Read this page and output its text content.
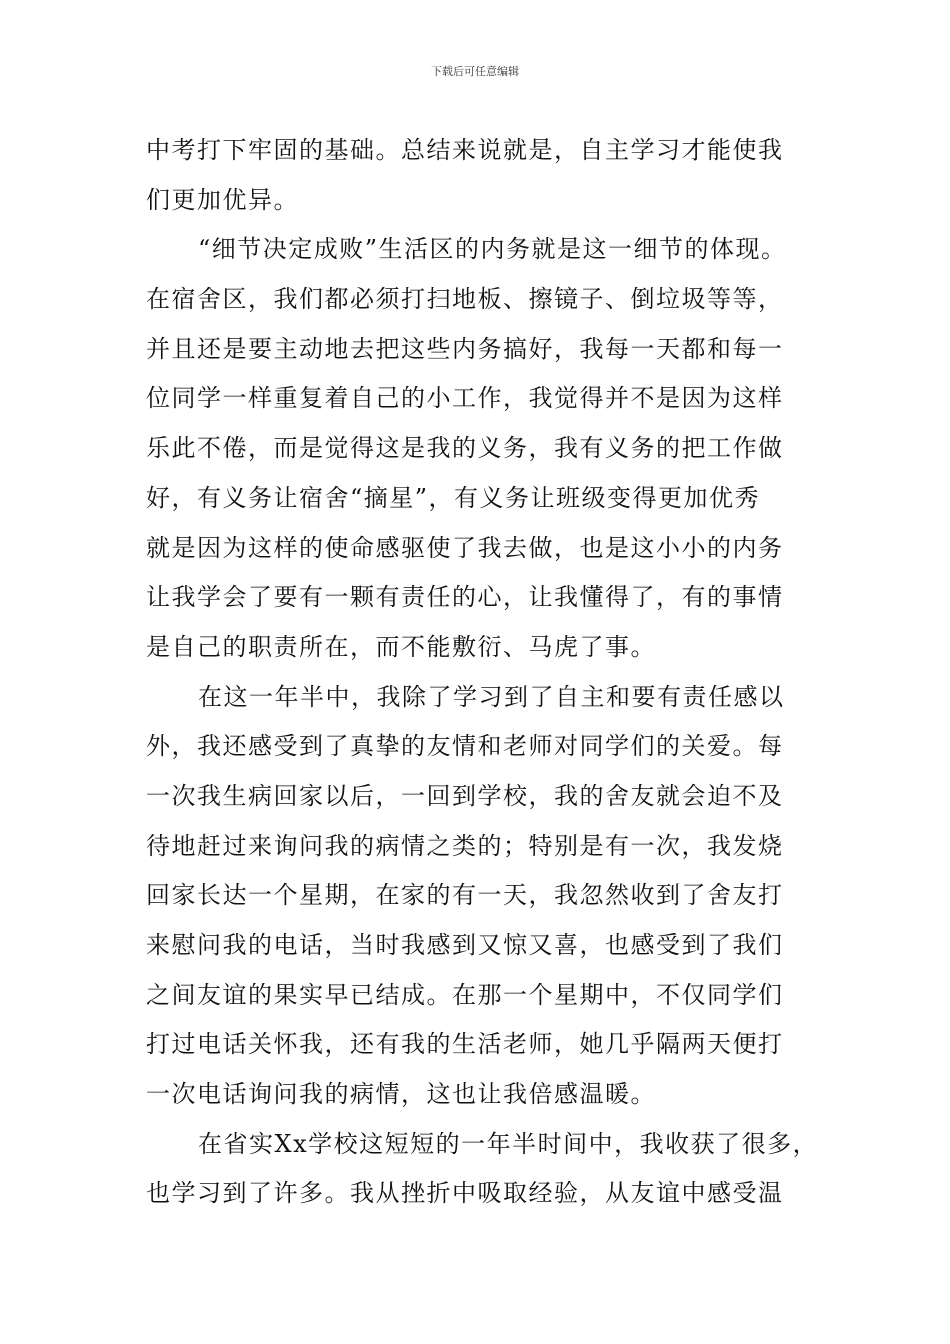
下载后可任意编辑
中考打下牢固的基础。总结来说就是，自主学习才能使我
们更加优异。
“细节决定成败”生活区的内务就是这一细节的体现。
在宿舍区，我们都必须打扫地板、擦镜子、倒垃圾等等，
并且还是要主动地去把这些内务搞好，我每一天都和每一
位同学一样重复着自己的小工作，我觉得并不是因为这样
乐此不倦，而是觉得这是我的义务，我有义务的把工作做
好，有义务让宿舍“摘星”，有义务让班级变得更加优秀
就是因为这样的使命感驱使了我去做，也是这小小的内务
让我学会了要有一颗有责任的心，让我懂得了，有的事情
是自己的职责所在，而不能敷衍、马虎了事。
在这一年半中，我除了学习到了自主和要有责任感以
外，我还感受到了真挚的友情和老师对同学们的关爱。每
一次我生病回家以后，一回到学校，我的舍友就会迫不及
待地赶过来询问我的病情之类的；特别是有一次，我发烧
回家长达一个星期，在家的有一天，我忽然收到了舍友打
来慰问我的电话，当时我感到又惊又喜，也感受到了我们
之间友谊的果实早已结成。在那一个星期中，不仅同学们
打过电话关怀我，还有我的生活老师，她几乎隔两天便打
一次电话询问我的病情，这也让我倍感温暖。
在省实Xx学校这短短的一年半时间中，我收获了很多，
也学习到了许多。我从挫折中吸取经验，从友谊中感受温
